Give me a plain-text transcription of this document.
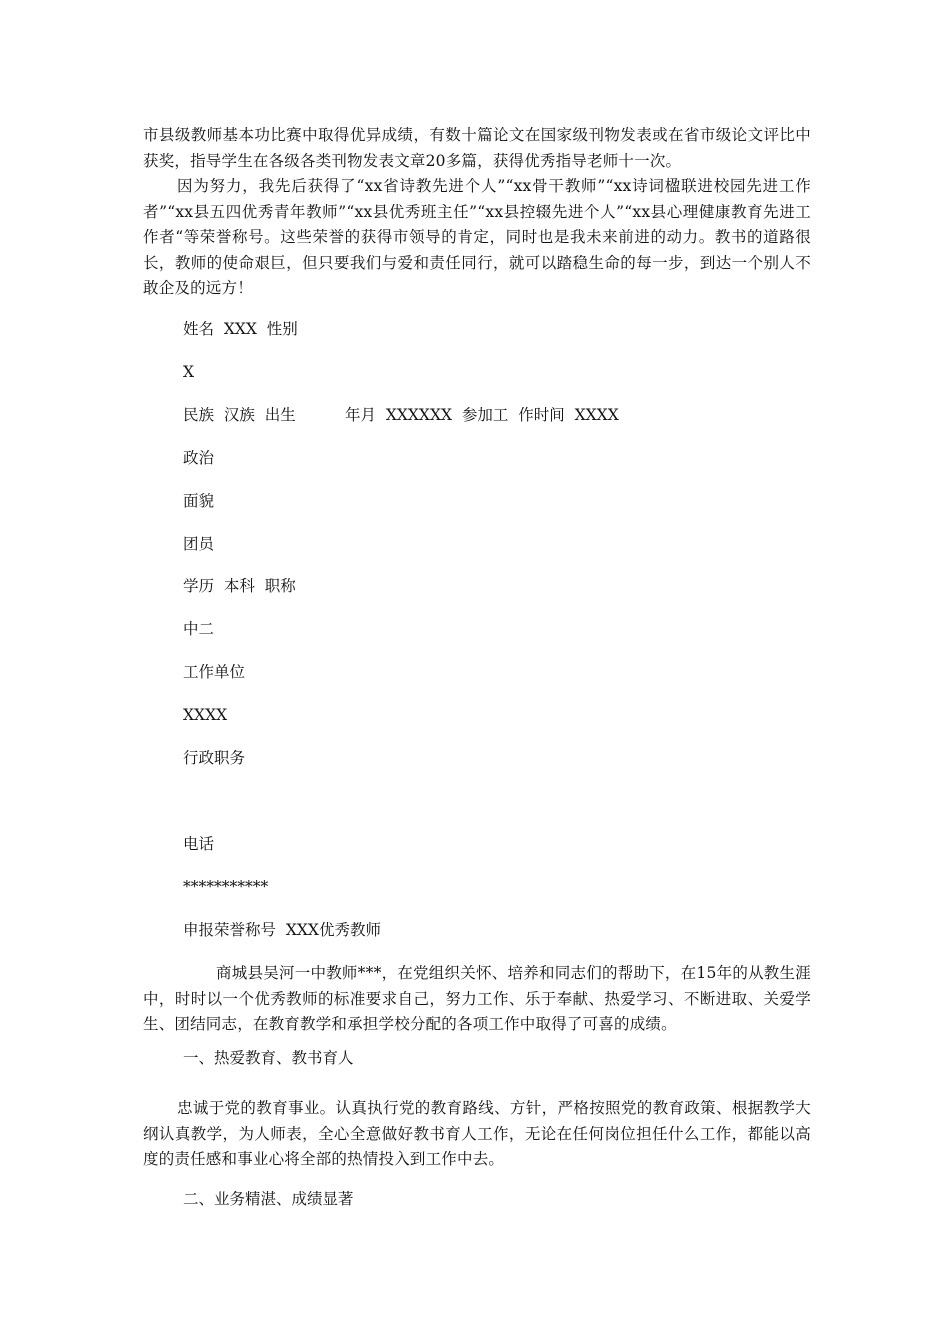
市县级教师基本功比赛中取得优异成绩，有数十篇论文在国家级刊物发表或在省市级论文评比中获奖，指导学生在各级各类刊物发表文章20多篇，获得优秀指导老师十一次。

因为努力，我先后获得了“xx省诗教先进个人”“xx骨干教师”“xx诗词楹联进校园先进工作者”“xx县五四优秀青年教师”“xx县优秀班主任”“xx县控辍先进个人”“xx县心理健康教育先进工作者“等荣誉称号。这些荣誉的获得市领导的肯定，同时也是我未来前进的动力。教书的道路很长，教师的使命艰巨，但只要我们与爱和责任同行，就可以踏稳生命的每一步，到达一个别人不敢企及的远方！

姓名  XXX  性别

X

民族  汉族  出生          年月  XXXXXX  参加工  作时间  XXXX

政治

面貌

团员

学历  本科  职称

中二

工作单位

XXXX

行政职务

电话

***********

申报荣誉称号  XXX优秀教师

商城县吴河一中教师***，在党组织关怀、培养和同志们的帮助下，在15年的从教生涯中，时时以一个优秀教师的标准要求自己，努力工作、乐于奉献、热爱学习、不断进取、关爱学生、团结同志，在教育教学和承担学校分配的各项工作中取得了可喜的成绩。

一、热爱教育、教书育人

忠诚于党的教育事业。认真执行党的教育路线、方针，严格按照党的教育政策、根据教学大纲认真教学，为人师表，全心全意做好教书育人工作，无论在任何岗位担任什么工作，都能以高度的责任感和事业心将全部的热情投入到工作中去。

二、业务精湛、成绩显著
